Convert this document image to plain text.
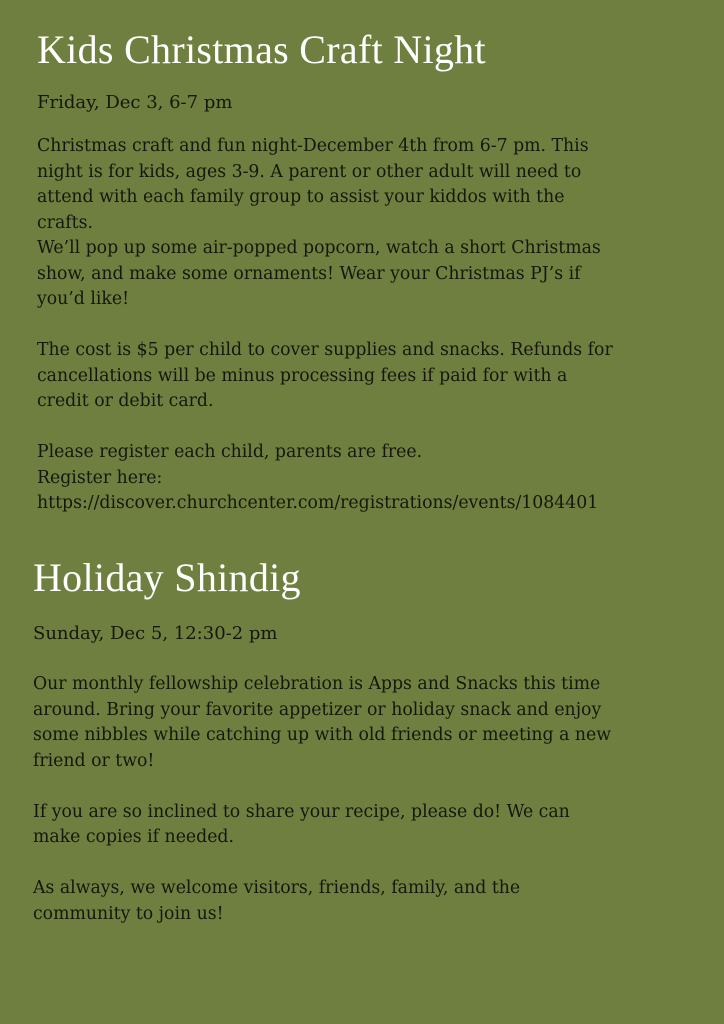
Kids Christmas Craft Night
Friday, Dec 3, 6-7 pm

Christmas craft and fun night-December 4th from 6-7 pm. This
night is for kids, ages 3-9. A parent or other adult will need to
attend with each family group to assist your kiddos with the
crafts.
We’ll pop up some air-popped popcorn, watch a short Christmas
show, and make some ornaments! Wear your Christmas PJ’s if
you’d like!

The cost is $5 per child to cover supplies and snacks. Refunds for
cancellations will be minus processing fees if paid for with a
credit or debit card.

Please register each child, parents are free.
Register here:
https://discover.churchcenter.com/registrations/events/1084401

Holiday Shindig
Sunday, Dec 5, 12:30-2 pm

Our monthly fellowship celebration is Apps and Snacks this time
around. Bring your favorite appetizer or holiday snack and enjoy
some nibbles while catching up with old friends or meeting a new
friend or two!

If you are so inclined to share your recipe, please do! We can
make copies if needed.

As always, we welcome visitors, friends, family, and the
community to join us!
